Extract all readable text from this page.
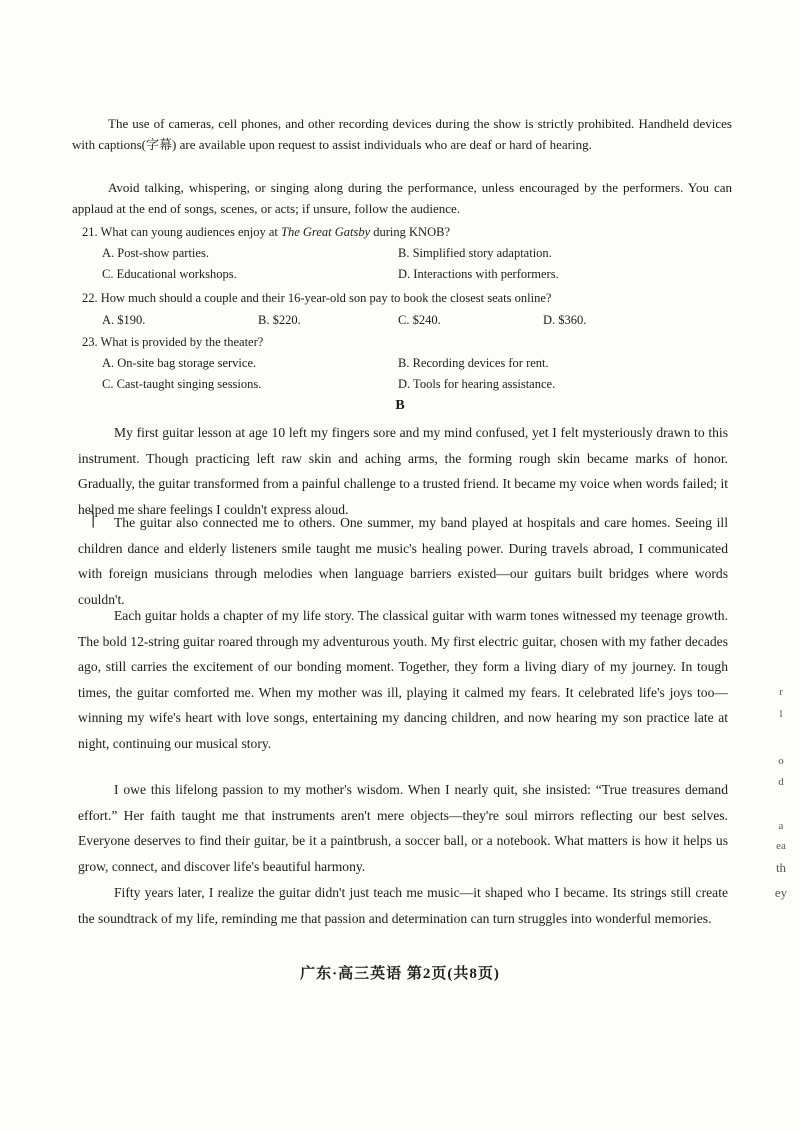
The use of cameras, cell phones, and other recording devices during the show is strictly prohibited. Handheld devices with captions(字幕) are available upon request to assist individuals who are deaf or hard of hearing.

Avoid talking, whispering, or singing along during the performance, unless encouraged by the performers. You can applaud at the end of songs, scenes, or acts; if unsure, follow the audience.

21. What can young audiences enjoy at The Great Gatsby during KNOB?
A. Post-show parties.	B. Simplified story adaptation.
C. Educational workshops.	D. Interactions with performers.
22. How much should a couple and their 16-year-old son pay to book the closest seats online?
A. $190.	B. $220.	C. $240.	D. $360.
23. What is provided by the theater?
A. On-site bag storage service.	B. Recording devices for rent.
C. Cast-taught singing sessions.	D. Tools for hearing assistance.
B
⎫

My first guitar lesson at age 10 left my fingers sore and my mind confused, yet I felt mysteriously drawn to this instrument. Though practicing left raw skin and aching arms, the forming rough skin became marks of honor. Gradually, the guitar transformed from a painful challenge to a trusted friend. It became my voice when words failed; it helped me share feelings I couldn't express aloud.

The guitar also connected me to others. One summer, my band played at hospitals and care homes. Seeing ill children dance and elderly listeners smile taught me music's healing power. During travels abroad, I communicated with foreign musicians through melodies when language barriers existed—our guitars built bridges where words couldn't.

Each guitar holds a chapter of my life story. The classical guitar with warm tones witnessed my teenage growth. The bold 12-string guitar roared through my adventurous youth. My first electric guitar, chosen with my father decades ago, still carries the excitement of our bonding moment. Together, they form a living diary of my journey. In tough times, the guitar comforted me. When my mother was ill, playing it calmed my fears. It celebrated life's joys too—winning my wife's heart with love songs, entertaining my dancing children, and now hearing my son practice late at night, continuing our musical story.

I owe this lifelong passion to my mother's wisdom. When I nearly quit, she insisted: “True treasures demand effort.” Her faith taught me that instruments aren't mere objects—they're soul mirrors reflecting our best selves. Everyone deserves to find their guitar, be it a paintbrush, a soccer ball, or a notebook. What matters is how it helps us grow, connect, and discover life's beautiful harmony.

Fifty years later, I realize the guitar didn't just teach me music—it shaped who I became. Its strings still create the soundtrack of my life, reminding me that passion and determination can turn struggles into wonderful memories.

广东·高三英语 第2页(共8页)
r
l
o
d
a
ea
th
ey
